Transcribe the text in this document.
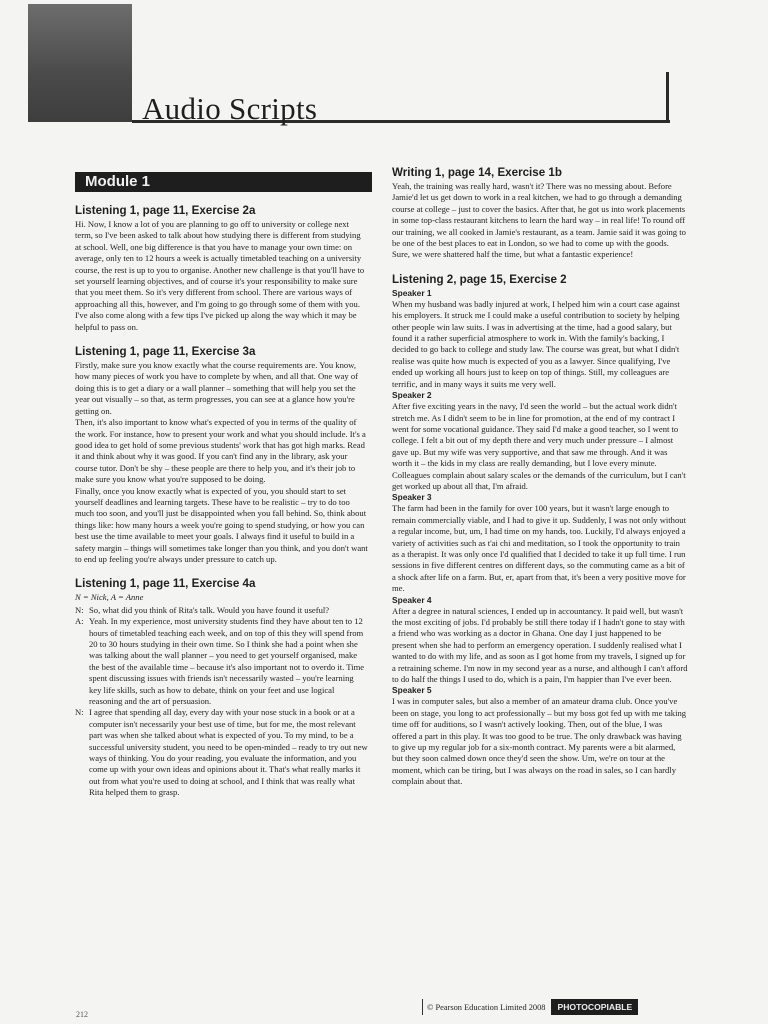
Audio Scripts
Module 1
Listening 1, page 11, Exercise 2a

Hi. Now, I know a lot of you are planning to go off to university or college next term, so I've been asked to talk about how studying there is different from studying at school. Well, one big difference is that you have to manage your own time: on average, only ten to 12 hours a week is actually timetabled teaching on a university course, the rest is up to you to organise. Another new challenge is that you'll have to set yourself learning objectives, and of course it's your responsibility to make sure that you meet them. So it's very different from school. There are various ways of approaching all this, however, and I'm going to go through some of them with you. I've also come along with a few tips I've picked up along the way which it may be helpful to pass on.

Listening 1, page 11, Exercise 3a

Firstly, make sure you know exactly what the course requirements are. You know, how many pieces of work you have to complete by when, and all that. One way of doing this is to get a diary or a wall planner – something that will help you set the year out visually – so that, as term progresses, you can see at a glance how you're getting on.

Then, it's also important to know what's expected of you in terms of the quality of the work. For instance, how to present your work and what you should include. It's a good idea to get hold of some previous students' work that has got high marks. Read it and think about why it was good. If you can't find any in the library, ask your course tutor. Don't be shy – these people are there to help you, and it's their job to make sure you know what you're supposed to be doing.

Finally, once you know exactly what is expected of you, you should start to set yourself deadlines and learning targets. These have to be realistic – try to do too much too soon, and you'll just be disappointed when you fall behind. So, think about things like: how many hours a week you're going to spend studying, or how you can best use the time available to meet your goals. I always find it useful to build in a safety margin – things will sometimes take longer than you think, and you don't want to end up feeling you're always under pressure to catch up.

Listening 1, page 11, Exercise 4a

N = Nick, A = Anne

N: So, what did you think of Rita's talk. Would you have found it useful?
A: Yeah. In my experience, most university students find they have about ten to 12 hours of timetabled teaching each week, and on top of this they will spend from 20 to 30 hours studying in their own time. So I think she had a point when she was talking about the wall planner – you need to get yourself organised, make the best of the available time – because it's also important not to overdo it. Time spent discussing issues with friends isn't necessarily wasted – you're learning key life skills, such as how to debate, think on your feet and use logical reasoning and the art of persuasion.
N: I agree that spending all day, every day with your nose stuck in a book or at a computer isn't necessarily your best use of time, but for me, the most relevant part was when she talked about what is expected of you. To my mind, to be a successful university student, you need to be open-minded – ready to try out new ways of thinking. You do your reading, you evaluate the information, and you come up with your own ideas and opinions about it. That's what really marks it out from what you're used to doing at school, and I think that was really what Rita helped them to grasp.
Writing 1, page 14, Exercise 1b

Yeah, the training was really hard, wasn't it? There was no messing about. Before Jamie'd let us get down to work in a real kitchen, we had to go through a demanding course at college – just to cover the basics. After that, he got us into work placements in some top-class restaurant kitchens to learn the hard way – in real life! To round off our training, we all cooked in Jamie's restaurant, as a team. Jamie said it was going to be one of the best places to eat in London, so we had to come up with the goods. Sure, we were shattered half the time, but what a fantastic experience!

Listening 2, page 15, Exercise 2
Speaker 1

When my husband was badly injured at work, I helped him win a court case against his employers. It struck me I could make a useful contribution to society by helping other people win law suits. I was in advertising at the time, had a good salary, but found it a rather superficial atmosphere to work in. With the family's backing, I decided to go back to college and study law. The course was great, but what I didn't realise was quite how much is expected of you as a lawyer. Since qualifying, I've ended up working all hours just to keep on top of things. Still, my colleagues are terrific, and in many ways it suits me very well.

Speaker 2

After five exciting years in the navy, I'd seen the world – but the actual work didn't stretch me. As I didn't seem to be in line for promotion, at the end of my contract I went for some vocational guidance. They said I'd make a good teacher, so I went to college. I felt a bit out of my depth there and very much under pressure – I almost gave up. But my wife was very supportive, and that saw me through. And it was worth it – the kids in my class are really demanding, but I love every minute. Colleagues complain about salary scales or the demands of the curriculum, but I can't get worked up about all that, I'm afraid.

Speaker 3

The farm had been in the family for over 100 years, but it wasn't large enough to remain commercially viable, and I had to give it up. Suddenly, I was not only without a regular income, but, um, I had time on my hands, too. Luckily, I'd always enjoyed a variety of activities such as t'ai chi and meditation, so I took the opportunity to train as a therapist. It was only once I'd qualified that I decided to take it up full time. I run sessions in five different centres on different days, so the commuting came as a bit of a shock after life on a farm. But, er, apart from that, it's been a very positive move for me.

Speaker 4

After a degree in natural sciences, I ended up in accountancy. It paid well, but wasn't the most exciting of jobs. I'd probably be still there today if I hadn't gone to stay with a friend who was working as a doctor in Ghana. One day I just happened to be present when she had to perform an emergency operation. I suddenly realised what I wanted to do with my life, and as soon as I got home from my travels, I signed up for a retraining scheme. I'm now in my second year as a nurse, and although I can't afford to do half the things I used to do, which is a pain, I'm happier than I've ever been.

Speaker 5

I was in computer sales, but also a member of an amateur drama club. Once you've been on stage, you long to act professionally – but my boss got fed up with me taking time off for auditions, so I wasn't actively looking. Then, out of the blue, I was offered a part in this play. It was too good to be true. The only drawback was having to give up my regular job for a six-month contract. My parents were a bit alarmed, but they soon calmed down once they'd seen the show. Um, we're on tour at the moment, which can be tiring, but I was always on the road in sales, so I can hardly complain about that.

© Pearson Education Limited 2008	PHOTOCOPIABLE
212
